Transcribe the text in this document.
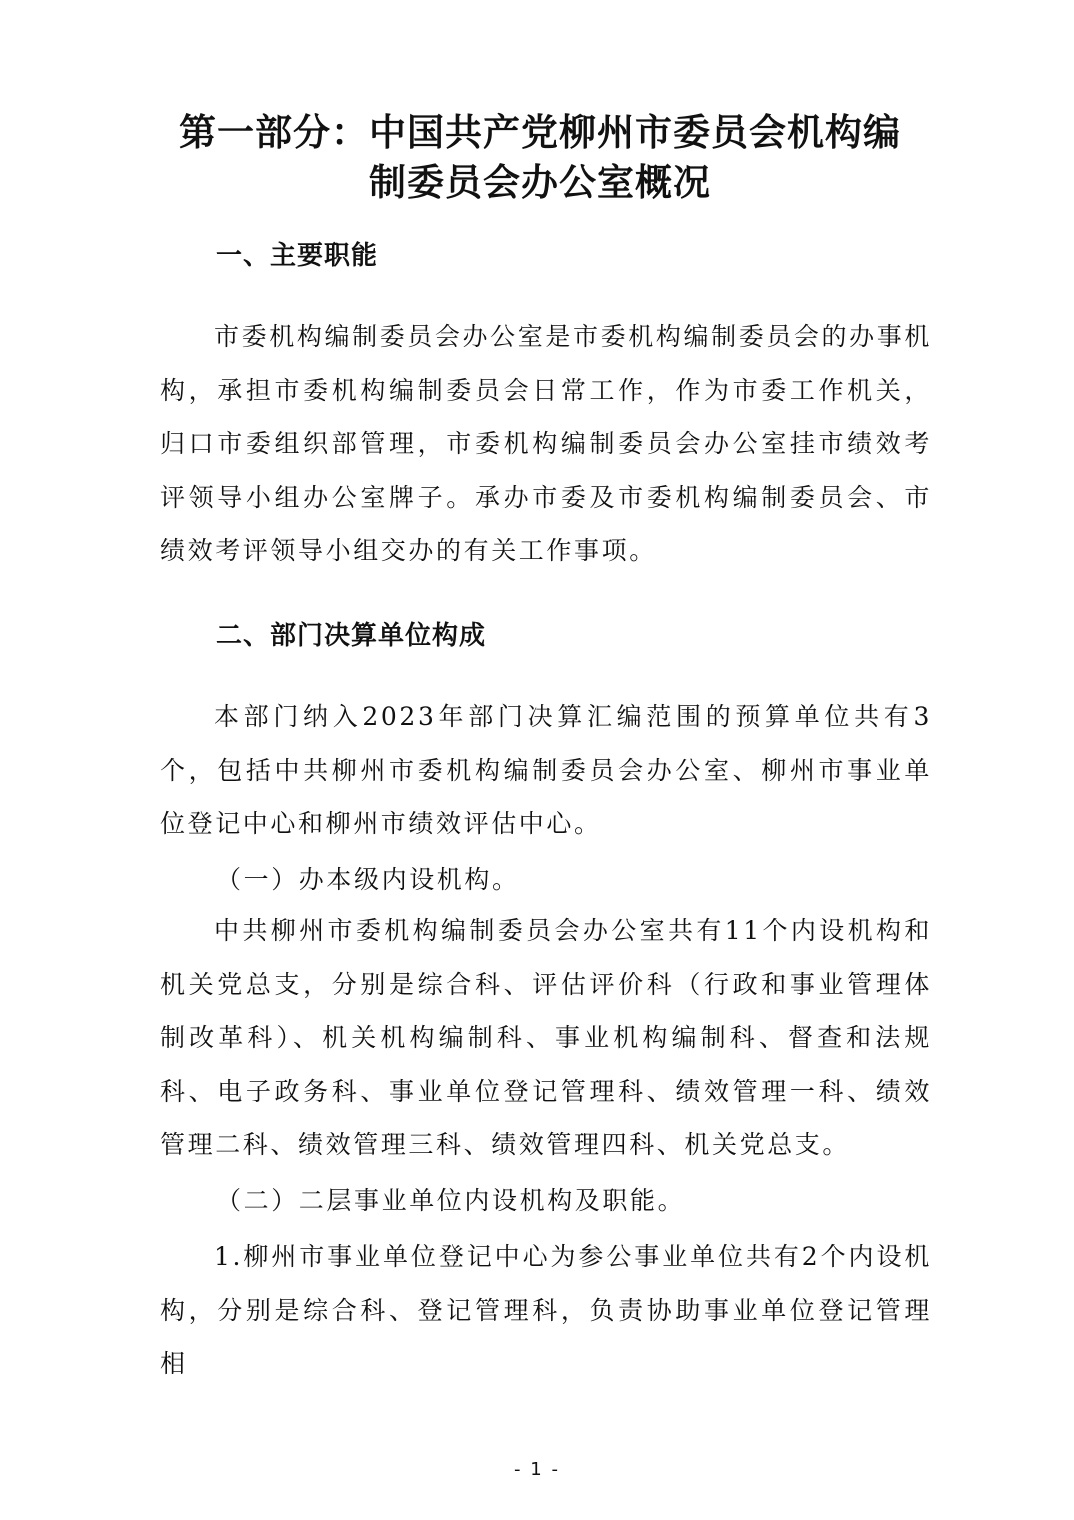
第一部分：中国共产党柳州市委员会机构编
制委员会办公室概况
一、主要职能

市委机构编制委员会办公室是市委机构编制委员会的办事机构，承担市委机构编制委员会日常工作，作为市委工作机关，归口市委组织部管理，市委机构编制委员会办公室挂市绩效考评领导小组办公室牌子。承办市委及市委机构编制委员会、市绩效考评领导小组交办的有关工作事项。

二、部门决算单位构成

本部门纳入2023年部门决算汇编范围的预算单位共有3个，包括中共柳州市委机构编制委员会办公室、柳州市事业单位登记中心和柳州市绩效评估中心。

（一）办本级内设机构。

中共柳州市委机构编制委员会办公室共有11个内设机构和机关党总支，分别是综合科、评估评价科（行政和事业管理体制改革科）、机关机构编制科、事业机构编制科、督查和法规科、电子政务科、事业单位登记管理科、绩效管理一科、绩效管理二科、绩效管理三科、绩效管理四科、机关党总支。

（二）二层事业单位内设机构及职能。

1.柳州市事业单位登记中心为参公事业单位共有2个内设机构，分别是综合科、登记管理科，负责协助事业单位登记管理相

- 1 -
